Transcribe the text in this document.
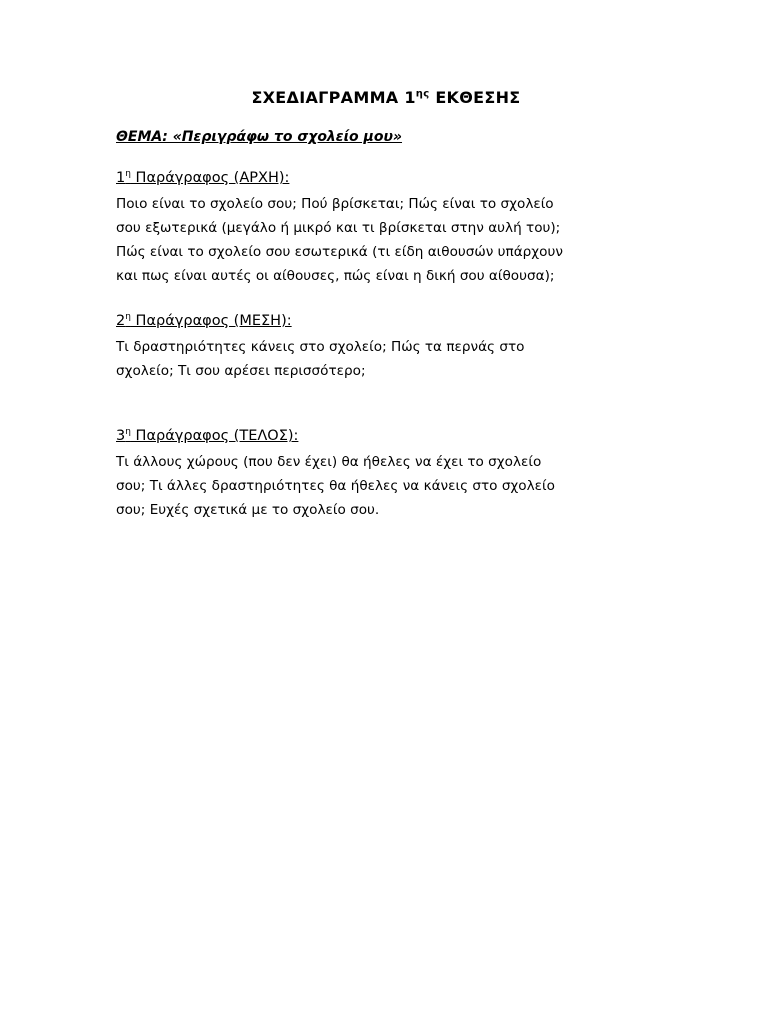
ΣΧΕΔΙΑΓΡΑΜΜΑ $1^{\eta\varsigma}$ ΕΚΘΕΣΗΣ
ΘΕΜΑ: «Περιγράφω το σχολείο μου»
$1^\eta$ Παράγραφος (ΑΡΧΗ):

Ποιο είναι το σχολείο σου; Πού βρίσκεται; Πώς είναι το σχολείο
σου εξωτερικά (μεγάλο ή μικρό και τι βρίσκεται στην αυλή του);
Πώς είναι το σχολείο σου εσωτερικά (τι είδη αιθουσών υπάρχουν
και πως είναι αυτές οι αίθουσες, πώς είναι η δική σου αίθουσα);

$2^\eta$ Παράγραφος (ΜΕΣΗ):

Τι δραστηριότητες κάνεις στο σχολείο; Πώς τα περνάς στο
σχολείο; Τι σου αρέσει περισσότερο;

$3^\eta$ Παράγραφος (ΤΕΛΟΣ):

Τι άλλους χώρους (που δεν έχει) θα ήθελες να έχει το σχολείο
σου; Τι άλλες δραστηριότητες θα ήθελες να κάνεις στο σχολείο
σου; Ευχές σχετικά με το σχολείο σου.
